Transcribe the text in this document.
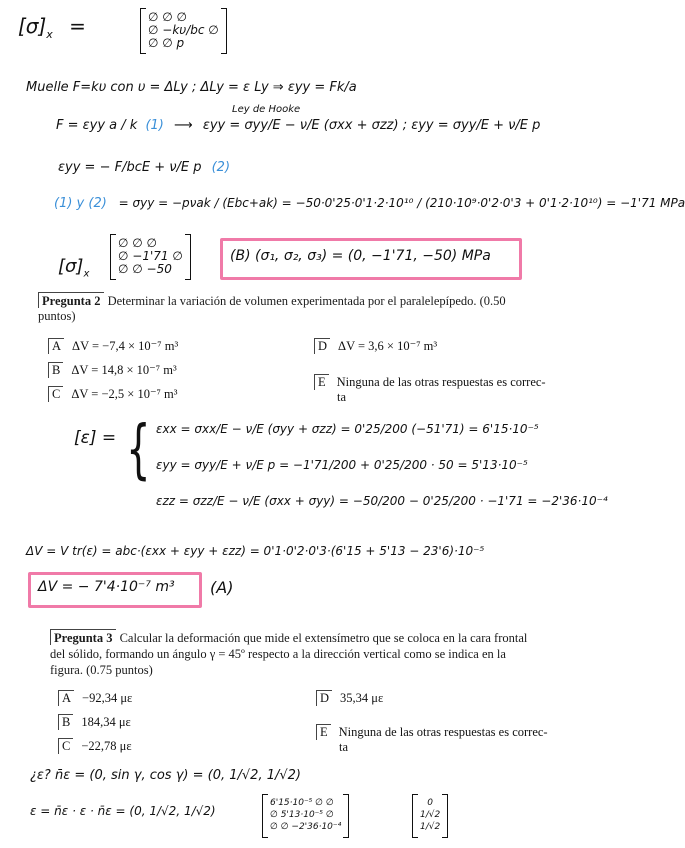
$[\sigma]_x$ =	∅ ∅ ∅
∅ −kυ/bc ∅
∅ ∅ p
Muelle F=kυ con υ = ΔLy ; ΔLy = ε Ly ⇒ εyy = Fk/a
Ley de Hooke
F = εyy a / k (1) ⟶ εyy = σyy/E − ν/E (σxx + σzz) ; εyy = σyy/E + ν/E p
εyy = − F/bcE + ν/E p (2)
(1) y (2) = σyy = −pνak / (Ebc+ak) = −50·0'25·0'1·2·10¹⁰ / (210·10⁹·0'2·0'3 + 0'1·2·10¹⁰) = −1'71 MPa
$[\sigma]_x$
∅ ∅ ∅
∅ −1'71 ∅
∅ ∅ −50
(B) (σ₁, σ₂, σ₃) = (0, −1'71, −50) MPa
Pregunta 2 Determinar la variación de volumen experimentada por el paralelepípedo. (0.50
puntos)
A ΔV = −7,4 × 10⁻⁷ m³
B ΔV = 14,8 × 10⁻⁷ m³
C ΔV = −2,5 × 10⁻⁷ m³
D ΔV = 3,6 × 10⁻⁷ m³
E Ninguna de las otras respuestas es correc-
ta
[ε] = { εxx = σxx/E − ν/E (σyy + σzz) = 0'25/200 (−51'71) = 6'15·10⁻⁵
εyy = σyy/E + ν/E p = −1'71/200 + 0'25/200 · 50 = 5'13·10⁻⁵
εzz = σzz/E − ν/E (σxx + σyy) = −50/200 − 0'25/200 · −1'71 = −2'36·10⁻⁴
ΔV = V tr(ε) = abc·(εxx + εyy + εzz) = 0'1·0'2·0'3·(6'15 + 5'13 − 23'6)·10⁻⁵
ΔV = − 7'4·10⁻⁷ m³ (A)
Pregunta 3 Calcular la deformación que mide el extensímetro que se coloca en la cara frontal
del sólido, formando un ángulo γ = 45º respecto a la dirección vertical como se indica en la
figura. (0.75 puntos)
A −92,34 με
B 184,34 με
C −22,78 με
D 35,34 με
E Ninguna de las otras respuestas es correc-
ta
¿ε? n̄ε = (0, sin γ, cos γ) = (0, 1/√2, 1/√2)
ε = n̄ε · ε · n̄ε = (0, 1/√2, 1/√2)
6'15·10⁻⁵ ∅ ∅
∅ 5'13·10⁻⁵ ∅
∅ ∅ −2'36·10⁻⁴
0
1/√2
1/√2
